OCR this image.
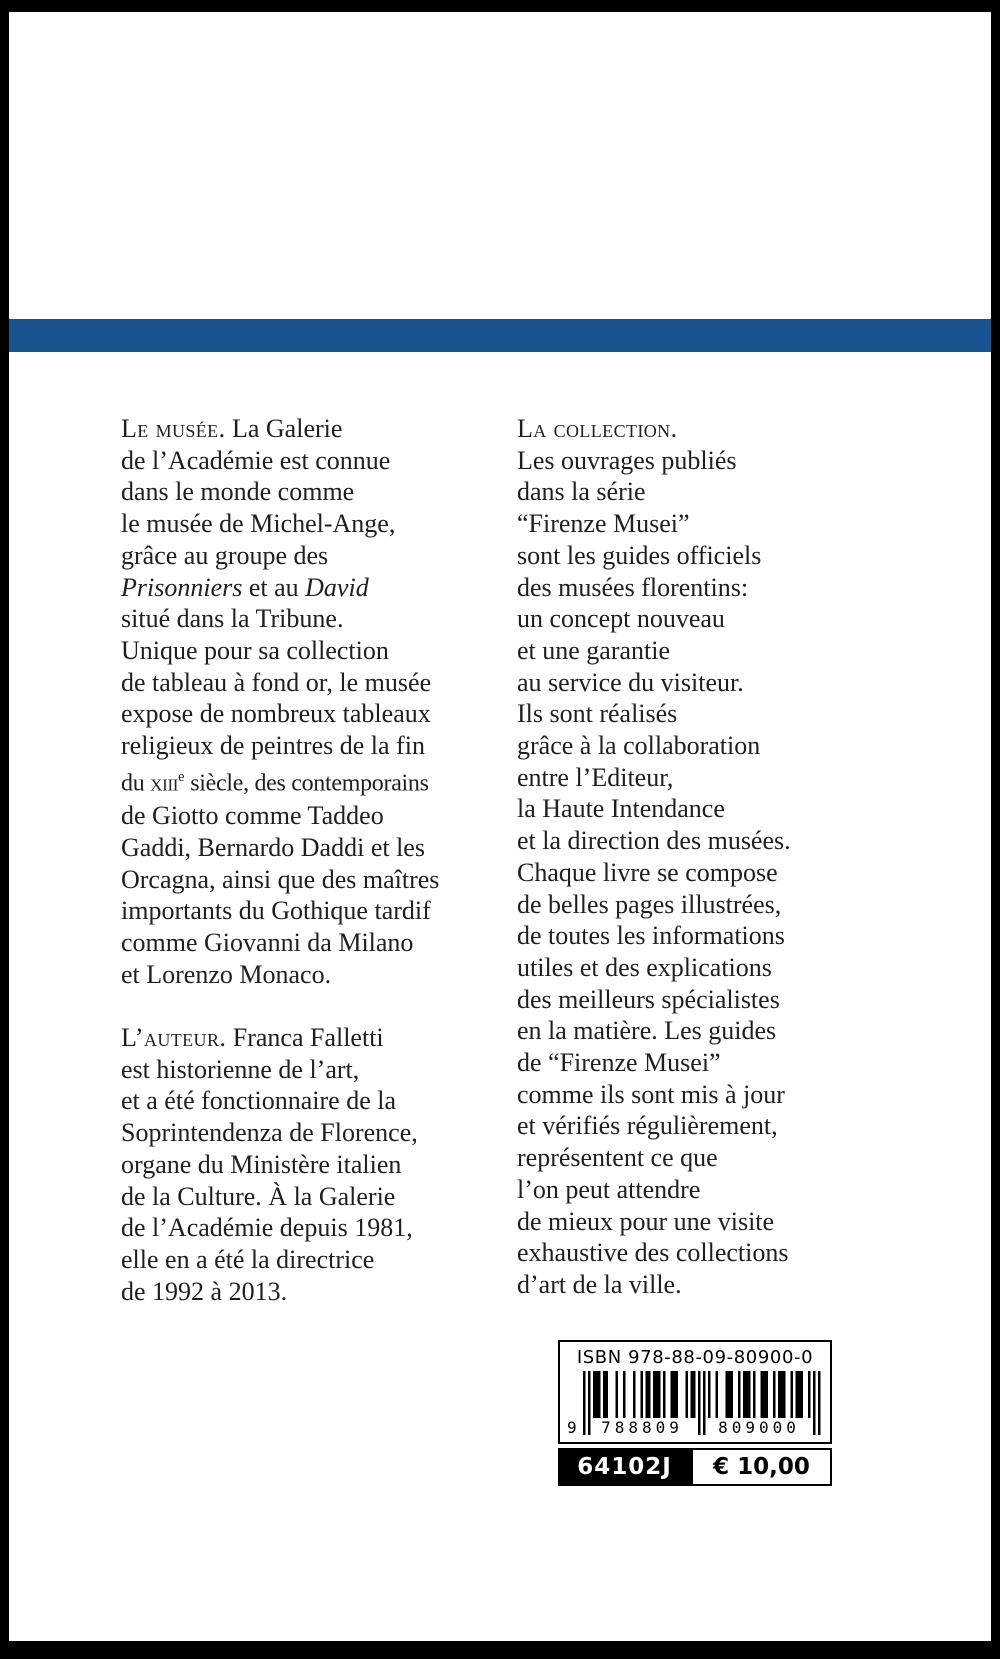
Le musée. La Galerie
de l’Académie est connue
dans le monde comme
le musée de Michel-Ange,
grâce au groupe des
Prisonniers et au David
situé dans la Tribune.
Unique pour sa collection
de tableau à fond or, le musée
expose de nombreux tableaux
religieux de peintres de la fin
du xiii$^e$ siècle, des contemporains
de Giotto comme Taddeo
Gaddi, Bernardo Daddi et les
Orcagna, ainsi que des maîtres
importants du Gothique tardif
comme Giovanni da Milano
et Lorenzo Monaco.
L’auteur. Franca Falletti
est historienne de l’art,
et a été fonctionnaire de la
Soprintendenza de Florence,
organe du Ministère italien
de la Culture. À la Galerie
de l’Académie depuis 1981,
elle en a été la directrice
de 1992 à 2013.
La collection.
Les ouvrages publiés
dans la série
“Firenze Musei”
sont les guides officiels
des musées florentins:
un concept nouveau
et une garantie
au service du visiteur.
Ils sont réalisés
grâce à la collaboration
entre l’Editeur,
la Haute Intendance
et la direction des musées.
Chaque livre se compose
de belles pages illustrées,
de toutes les informations
utiles et des explications
des meilleurs spécialistes
en la matière. Les guides
de “Firenze Musei”
comme ils sont mis à jour
et vérifiés régulièrement,
représentent ce que
l’on peut attendre
de mieux pour une visite
exhaustive des collections
d’art de la ville.
ISBN 978-88-09-80900-0
9	788809	809000
64102J	€ 10,00
